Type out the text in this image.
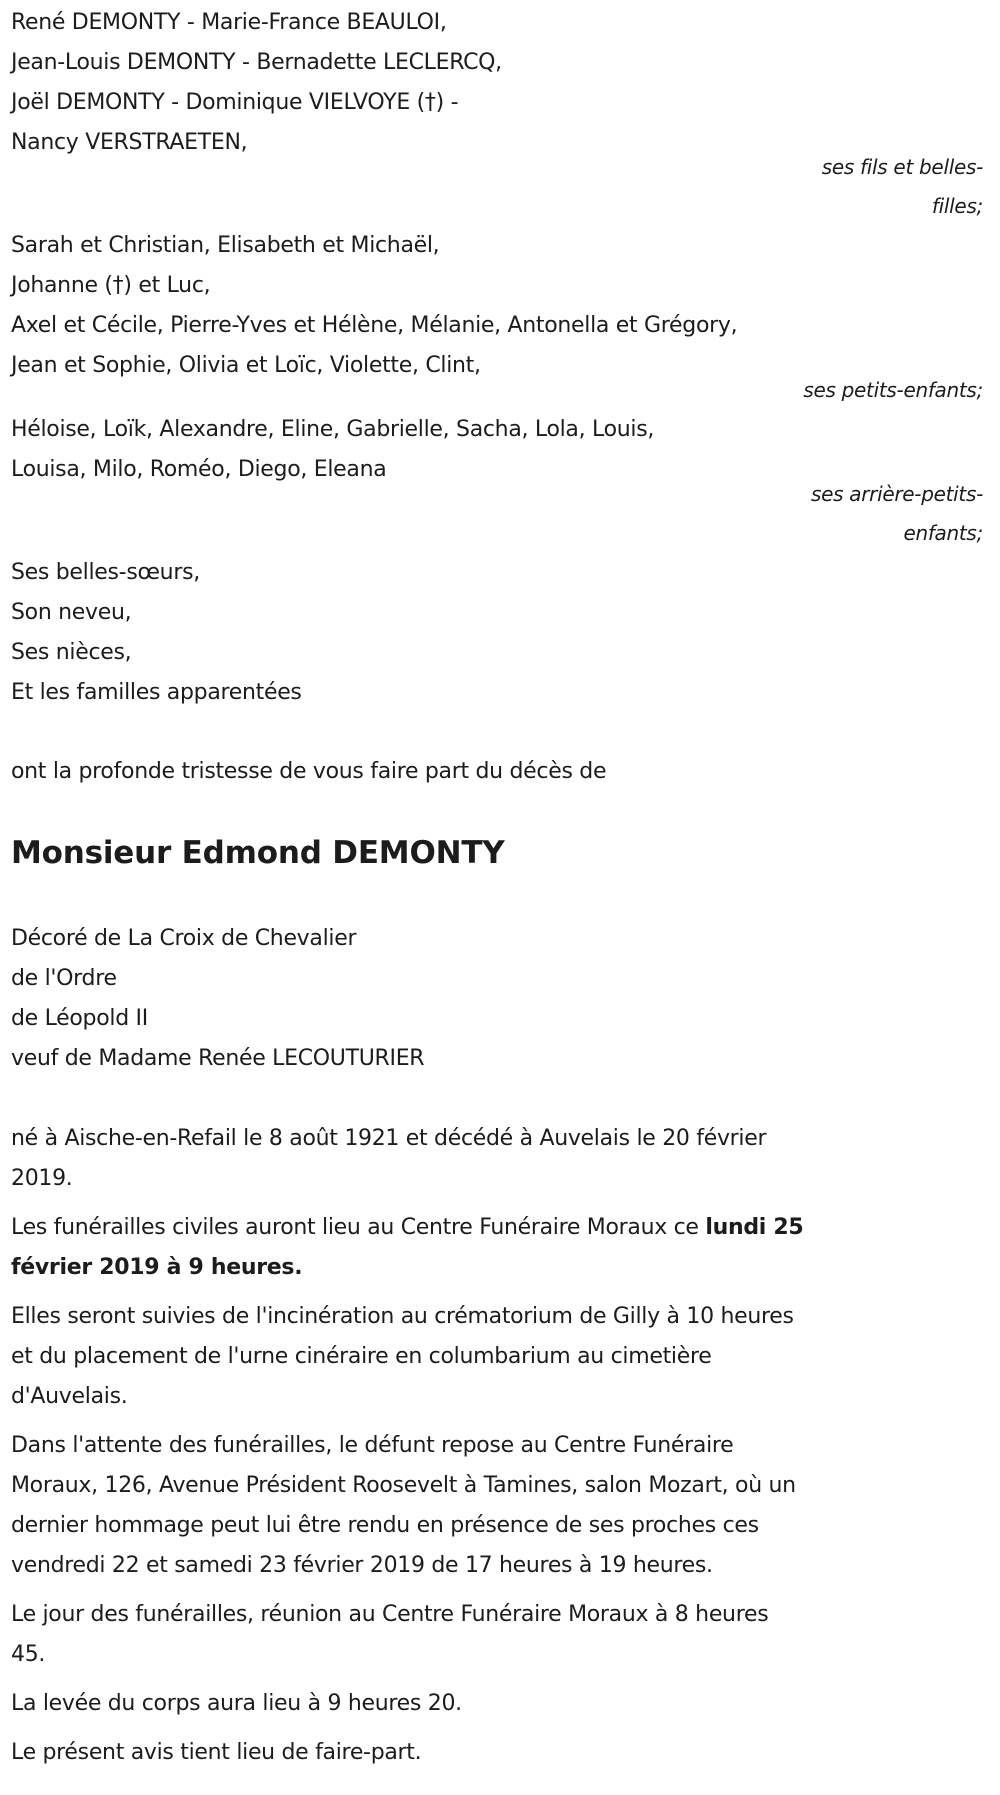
René DEMONTY - Marie-France BEAULOI,
Jean-Louis DEMONTY - Bernadette LECLERCQ,
Joël DEMONTY - Dominique VIELVOYE (†) -
Nancy VERSTRAETEN,
ses fils et belles-
filles;
Sarah et Christian, Elisabeth et Michaël,
Johanne (†) et Luc,
Axel et Cécile, Pierre-Yves et Hélène, Mélanie, Antonella et Grégory,
Jean et Sophie, Olivia et Loïc, Violette, Clint,
ses petits-enfants;
Héloise, Loïk, Alexandre, Eline, Gabrielle, Sacha, Lola, Louis,
Louisa, Milo, Roméo, Diego, Eleana
ses arrière-petits-
enfants;
Ses belles-sœurs,
Son neveu,
Ses nièces,
Et les familles apparentées
ont la profonde tristesse de vous faire part du décès de
Monsieur Edmond DEMONTY
Décoré de La Croix de Chevalier
de l'Ordre
de Léopold II
veuf de Madame Renée LECOUTURIER
né à Aische-en-Refail le 8 août 1921 et décédé à Auvelais le 20 février
2019.
Les funérailles civiles auront lieu au Centre Funéraire Moraux ce lundi 25
février 2019 à 9 heures.
Elles seront suivies de l'incinération au crématorium de Gilly à 10 heures
et du placement de l'urne cinéraire en columbarium au cimetière
d'Auvelais.
Dans l'attente des funérailles, le défunt repose au Centre Funéraire
Moraux, 126, Avenue Président Roosevelt à Tamines, salon Mozart, où un
dernier hommage peut lui être rendu en présence de ses proches ces
vendredi 22 et samedi 23 février 2019 de 17 heures à 19 heures.
Le jour des funérailles, réunion au Centre Funéraire Moraux à 8 heures
45.
La levée du corps aura lieu à 9 heures 20.
Le présent avis tient lieu de faire-part.
